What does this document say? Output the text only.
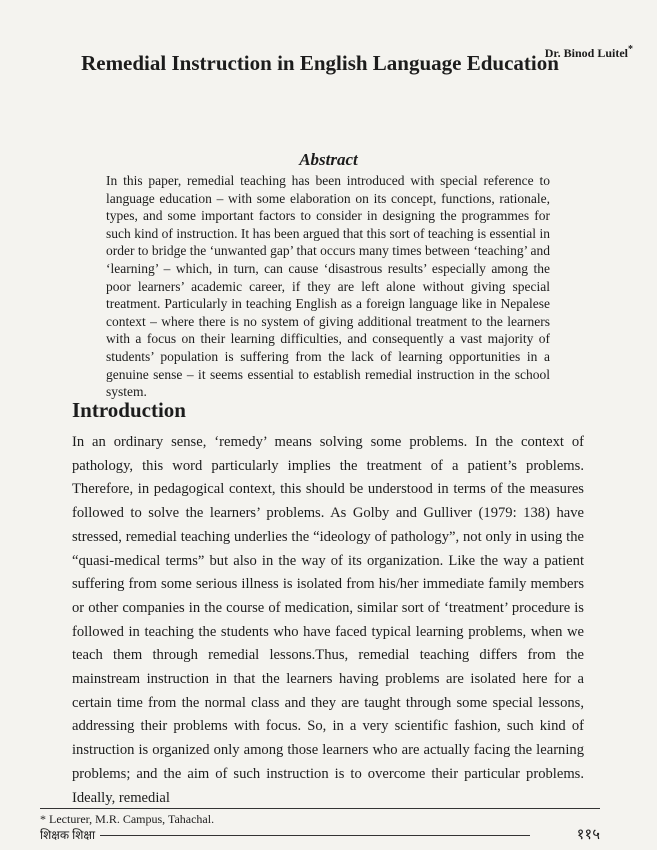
Dr. Binod Luitel*
Remedial Instruction in English Language Education
Abstract
In this paper, remedial teaching has been introduced with special reference to language education – with some elaboration on its concept, functions, rationale, types, and some important factors to consider in designing the programmes for such kind of instruction. It has been argued that this sort of teaching is essential in order to bridge the ‘unwanted gap’ that occurs many times between ‘teaching’ and ‘learning’ – which, in turn, can cause ‘disastrous results’ especially among the poor learners’ academic career, if they are left alone without giving special treatment. Particularly in teaching English as a foreign language like in Nepalese context – where there is no system of giving additional treatment to the learners with a focus on their learning difficulties, and consequently a vast majority of students’ population is suffering from the lack of learning opportunities in a genuine sense – it seems essential to establish remedial instruction in the school system.
Introduction
In an ordinary sense, ‘remedy’ means solving some problems. In the context of pathology, this word particularly implies the treatment of a patient’s problems. Therefore, in pedagogical context, this should be understood in terms of the measures followed to solve the learners’ problems. As Golby and Gulliver (1979: 138) have stressed, remedial teaching underlies the “ideology of pathology”, not only in using the “quasi-medical terms” but also in the way of its organization. Like the way a patient suffering from some serious illness is isolated from his/her immediate family members or other companies in the course of medication, similar sort of ‘treatment’ procedure is followed in teaching the students who have faced typical learning problems, when we teach them through remedial lessons.Thus, remedial teaching differs from the mainstream instruction in that the learners having problems are isolated here for a certain time from the normal class and they are taught through some special lessons, addressing their problems with focus. So, in a very scientific fashion, such kind of instruction is organized only among those learners who are actually facing the learning problems; and the aim of such instruction is to overcome their particular problems. Ideally, remedial
* Lecturer, M.R. Campus, Tahachal.
शिक्षक शिक्षा	११५
